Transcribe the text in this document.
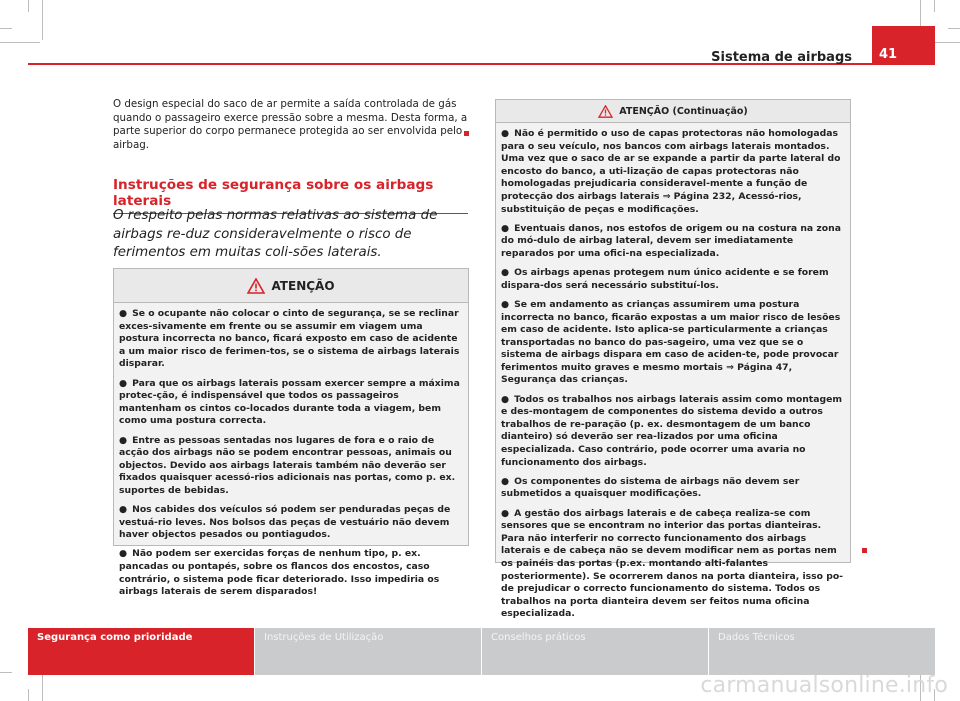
Sistema de airbags 41

O design especial do saco de ar permite a saída controlada de gás quando o passageiro exerce pressão sobre a mesma. Desta forma, a parte superior do corpo permanece protegida ao ser envolvida pelo airbag.

Instruções de segurança sobre os airbags laterais

O respeito pelas normas relativas ao sistema de airbags re-duz consideravelmente o risco de ferimentos em muitas coli-sões laterais.

ATENÇÃO

● Se o ocupante não colocar o cinto de segurança, se se reclinar exces-sivamente em frente ou se assumir em viagem uma postura incorrecta no banco, ficará exposto em caso de acidente a um maior risco de ferimen-tos, se o sistema de airbags laterais disparar.

● Para que os airbags laterais possam exercer sempre a máxima protec-ção, é indispensável que todos os passageiros mantenham os cintos co-locados durante toda a viagem, bem como uma postura correcta.

● Entre as pessoas sentadas nos lugares de fora e o raio de acção dos airbags não se podem encontrar pessoas, animais ou objectos. Devido aos airbags laterais também não deverão ser fixados quaisquer acessó-rios adicionais nas portas, como p. ex. suportes de bebidas.

● Nos cabides dos veículos só podem ser penduradas peças de vestuá-rio leves. Nos bolsos das peças de vestuário não devem haver objectos pesados ou pontiagudos.

● Não podem ser exercidas forças de nenhum tipo, p. ex. pancadas ou pontapés, sobre os flancos dos encostos, caso contrário, o sistema pode ficar deteriorado. Isso impediria os airbags laterais de serem disparados!

ATENÇÃO (Continuação)

● Não é permitido o uso de capas protectoras não homologadas para o seu veículo, nos bancos com airbags laterais montados. Uma vez que o saco de ar se expande a partir da parte lateral do encosto do banco, a uti-lização de capas protectoras não homologadas prejudicaria consideravel-mente a função de protecção dos airbags laterais ⇒ Página 232, Acessó-rios, substituição de peças e modificações.

● Eventuais danos, nos estofos de origem ou na costura na zona do mó-dulo de airbag lateral, devem ser imediatamente reparados por uma ofici-na especializada.

● Os airbags apenas protegem num único acidente e se forem dispara-dos será necessário substituí-los.

● Se em andamento as crianças assumirem uma postura incorrecta no banco, ficarão expostas a um maior risco de lesões em caso de acidente. Isto aplica-se particularmente a crianças transportadas no banco do pas-sageiro, uma vez que se o sistema de airbags dispara em caso de aciden-te, pode provocar ferimentos muito graves e mesmo mortais ⇒ Página 47, Segurança das crianças.

● Todos os trabalhos nos airbags laterais assim como montagem e des-montagem de componentes do sistema devido a outros trabalhos de re-paração (p. ex. desmontagem de um banco dianteiro) só deverão ser rea-lizados por uma oficina especializada. Caso contrário, pode ocorrer uma avaria no funcionamento dos airbags.

● Os componentes do sistema de airbags não devem ser submetidos a quaisquer modificações.

● A gestão dos airbags laterais e de cabeça realiza-se com sensores que se encontram no interior das portas dianteiras. Para não interferir no correcto funcionamento dos airbags laterais e de cabeça não se devem modificar nem as portas nem os painéis das portas (p.ex. montando alti-falantes posteriormente). Se ocorrerem danos na porta dianteira, isso po-de prejudicar o correcto funcionamento do sistema. Todos os trabalhos na porta dianteira devem ser feitos numa oficina especializada.

Segurança como prioridade	Instruções de Utilização	Conselhos práticos	Dados Técnicos
carmanualsonline.info
